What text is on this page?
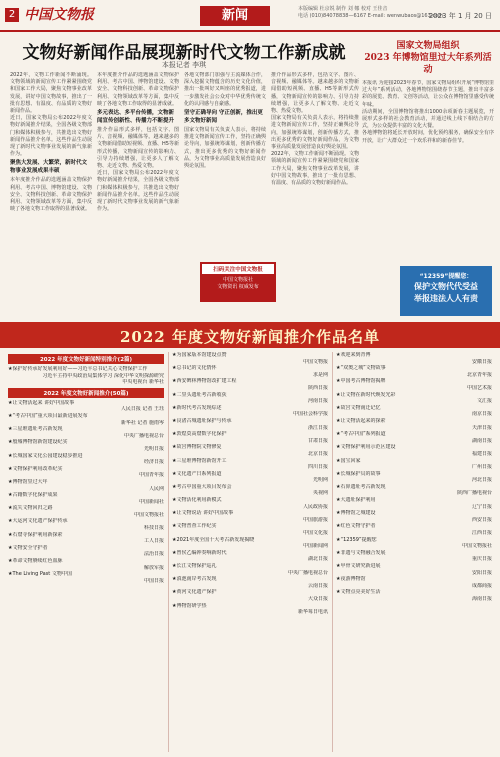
2 中国文物报	新闻	本版编辑 杜京锐 制作 刘 娜 校对 王佳音
电话 (010)84078838—6167 E-mail: wenwubaos@163.com
2023 年 1 月 20 日
文物好新闻作品展现新时代文物工作新成就
本报记者 李琪
2022年，文物工作新闻不断涌现。文物领域的新闻宣传工作紧紧围绕党和国家工作大局，聚焦文物事业改革发展，讲好中国文物故事，推出了一批有思想、有温度、有品质的文物好新闻作品。
近日，国家文物局公布2022年度文物好新闻推介结果，全国各级文物部门和媒体积极参与，共推选出文物好新闻作品推介名单。这些作品生动展现了新时代文物事业发展的新气象新作为。
聚焦大发展、大繁荣，新时代文物事业发展成果丰硕
本年度推介作品的选题涵盖文物保护利用、考古中国、博物馆建设、文物安全、文物科技创新、革命文物保护利用、文物领域改革等方面，集中反映了各地文物工作取得的显著成就。
本年度推介作品的选题涵盖文物保护利用、考古中国、博物馆建设、文物安全、文物科技创新、革命文物保护利用、文物领域改革等方面，集中反映了各地文物工作取得的显著成就。
多元表达、多平台传播，文物新闻宣传创新性、传播力不断提升
推介作品形式多样，包括文字、图片、音视频、融媒体等。越来越多的文物新闻借助短视频、直播、H5等新形式传播，文物新闻宣传的影响力、引导力持续增强，让更多人了解文物、走近文物、热爱文物。
近日，国家文物局公布2022年度文物好新闻推介结果，全国各级文物部门和媒体积极参与，共推选出文物好新闻作品推介名单。这些作品生动展现了新时代文物事业发展的新气象新作为。
各地文物部门加强与主流媒体合作，深入挖掘文物蕴含的历史文化价值，推出一批叫好又叫座的优秀报道，进一步激发社会公众对中华优秀传统文化的认同感与自豪感。
坚守正确导向 守正创新，推出更多文物好新闻
国家文物局有关负责人表示，将持续推进文物新闻宣传工作，坚持正确舆论导向，加强统筹谋划，创新传播方式，推出更多优秀的文物好新闻作品，为文物事业高质量发展营造良好舆论氛围。
推介作品形式多样，包括文字、图片、音视频、融媒体等。越来越多的文物新闻借助短视频、直播、H5等新形式传播，文物新闻宣传的影响力、引导力持续增强，让更多人了解文物、走近文物、热爱文物。
国家文物局有关负责人表示，将持续推进文物新闻宣传工作，坚持正确舆论导向，加强统筹谋划，创新传播方式，推出更多优秀的文物好新闻作品，为文物事业高质量发展营造良好舆论氛围。
2022年，文物工作新闻不断涌现。文物领域的新闻宣传工作紧紧围绕党和国家工作大局，聚焦文物事业改革发展，讲好中国文物故事，推出了一批有思想、有温度、有品质的文物好新闻作品。
扫码关注中国文物报
中国文物报社
文物资讯 权威发布
国家文物局组织
2023 年博物馆里过大年系列活动
本报讯 为迎接2023年春节，国家文物局组织开展“博物馆里过大年”系列活动，各地博物馆围绕春节主题，推出丰富多彩的展览、教育、文创等活动，让公众在博物馆里感受传统年味。
活动期间，全国博物馆将推出1000余项新春主题展览，开展形式多样的社会教育活动，并通过线上线下相结合的方式，为公众提供丰富的文化大餐。
各地博物馆将延长开放时间，优化预约服务，确保安全有序开放，让广大群众过一个欢乐祥和的新春佳节。
“12359”提醒您：
保护文物代代受益
举报违法人人有责
2022 年度文物好新闻推介作品名单
2022 年度文物好新闻特别推介(2篇)
★保护好传承好发展利用好——习近平总书记关心文物保护工作
习近平主持中央政治局集体学习 深化中华文明探源研究
中央电视台 新华社
2022 年度文物好新闻推介(50篇)
★让文物活起来 讲好中国故事
人民日报 记者 王珏
★“考古中国”重大项目最新进展发布
新华社 记者 施雨岑
★三星堆遗址考古新发现
中央广播电视总台
★殷墟博物馆新馆建设纪实
光明日报
★长城国家文化公园建设稳步推进
经济日报
★文物保护利用改革纪实
中国青年报
★博物馆里过大年
人民网
★古籍数字化保护成果
中国新闻社
★流失文物回归之路
中国文物报社
★大运河文化遗产保护传承
科技日报
★石窟寺保护利用新探索
工人日报
★文物安全守护者
法治日报
★革命文物赓续红色血脉
解放军报
★The Living Past 文物中国
中国日报
★为国家版本馆建设点赞
中国文物报
★总书记的文化情怀
求是网
★西安碑林博物馆改扩建工程
陕西日报
★二里头遗址考古新收获
河南日报
★新时代考古发现综述
中国社会科学报
★良渚古城遗址保护与传承
浙江日报
★敦煌莫高窟数字化保护
甘肃日报
★故宫博物院文物修复
北京日报
★三星堆博物馆新馆开工
四川日报
★文化遗产日系列报道
光明网
★考古中国重大项目发布会
央视网
★文物活化利用新模式
人民政协报
★让文物说话 讲好中国故事
中国旅游报
★文物普查工作纪实
中国文化报
★2021年度全国十大考古新发现揭晓
中国新闻网
★曾侯乙编钟奏响新时代
湖北日报
★长江文物保护巡礼
中央广播电视总台
★滇池南岸考古发现
云南日报
★黄河文化遗产保护
大众日报
★博物馆研学热
新华每日电讯
★欢迎来到青博
安徽日报
★“双奥之城”文物故事
北京青年报
★中国考古博物馆揭牌
中国艺术报
★让文物在新时代焕发光彩
文汇报
★故宫文物南迁记忆
南京日报
★让文物活起来的探索
天津日报
★“考古中国”系列报道
湖南日报
★文物保护利用示范区建设
福建日报
★国宝回家
广州日报
★长城保护员的故事
河北日报
★石峁遗址考古新发现
陕西广播电视台
★大遗址保护利用
辽宁日报
★博物馆之城建设
西安日报
★红色文物守护者
江西日报
★“12359”提醒您
中国文物报社
★非遗与文物融合发展
重庆日报
★甲骨文研究新进展
安阳日报
★夜游博物馆
成都商报
★文物点亮美好生活
海南日报
